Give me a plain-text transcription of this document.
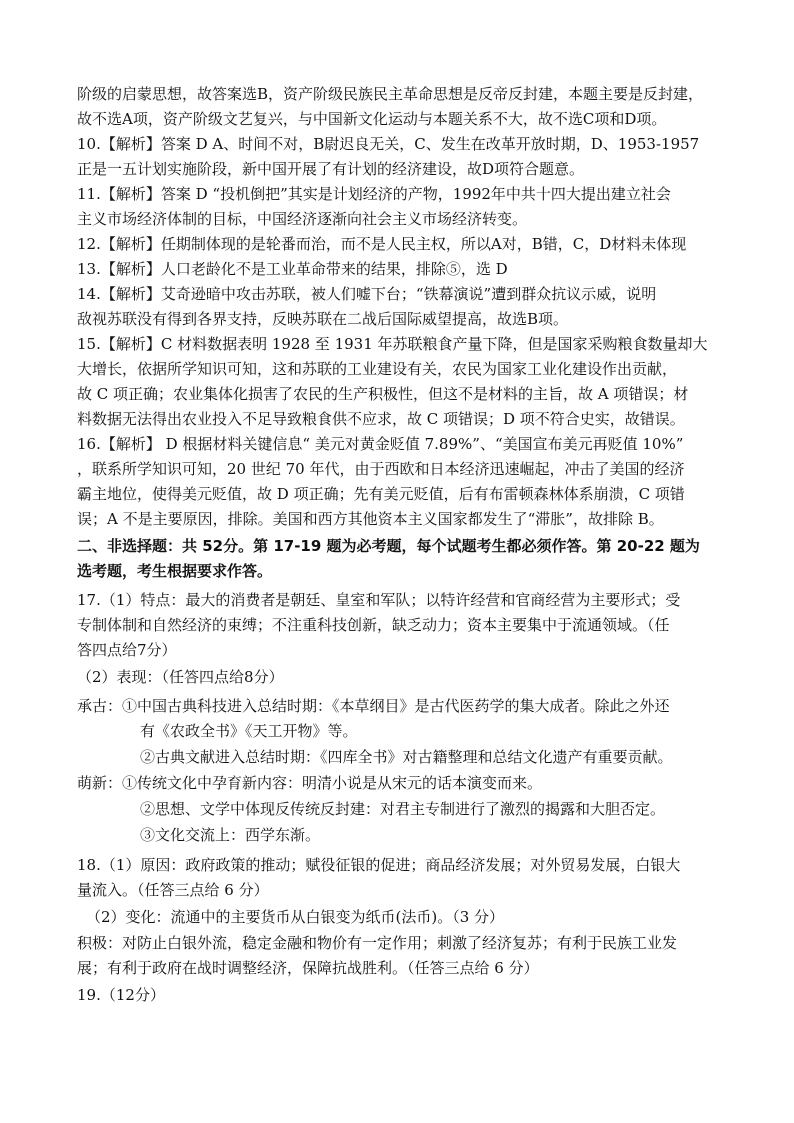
阶级的启蒙思想，故答案选B，资产阶级民族民主革命思想是反帝反封建，本题主要是反封建，
故不选A项，资产阶级文艺复兴，与中国新文化运动与本题关系不大，故不选C项和D项。
10.【解析】答案 D A、时间不对，B尉迟良无关，C、发生在改革开放时期，D、1953-1957
正是一五计划实施阶段，新中国开展了有计划的经济建设，故D项符合题意。
11.【解析】答案 D “投机倒把”其实是计划经济的产物，1992年中共十四大提出建立社会
主义市场经济体制的目标，中国经济逐渐向社会主义市场经济转变。
12.【解析】任期制体现的是轮番而治，而不是人民主权，所以A对，B错，C，D材料未体现
13.【解析】人口老龄化不是工业革命带来的结果，排除⑤，选 D
14.【解析】艾奇逊暗中攻击苏联，被人们嘘下台；“铁幕演说”遭到群众抗议示威，说明
敌视苏联没有得到各界支持，反映苏联在二战后国际威望提高，故选B项。
15.【解析】C 材料数据表明 1928 至 1931 年苏联粮食产量下降，但是国家采购粮食数量却大
大增长，依据所学知识可知，这和苏联的工业建设有关，农民为国家工业化建设作出贡献，
故 C 项正确；农业集体化损害了农民的生产积极性，但这不是材料的主旨，故 A 项错误；材
料数据无法得出农业投入不足导致粮食供不应求，故 C 项错误；D 项不符合史实，故错误。
16.【解析】 D 根据材料关键信息“ 美元对黄金贬值 7.89%”、“美国宣布美元再贬值 10%”
，联系所学知识可知，20 世纪 70 年代，由于西欧和日本经济迅速崛起，冲击了美国的经济
霸主地位，使得美元贬值，故 D 项正确；先有美元贬值，后有布雷顿森林体系崩溃，C 项错
误；A 不是主要原因，排除。美国和西方其他资本主义国家都发生了“滞胀”，故排除 B。
二、非选择题：共 52分。第 17-19 题为必考题，每个试题考生都必须作答。第 20-22 题为
选考题，考生根据要求作答。
17.（1）特点：最大的消费者是朝廷、皇室和军队；以特许经营和官商经营为主要形式；受
专制体制和自然经济的束缚；不注重科技创新，缺乏动力；资本主要集中于流通领域。（任
答四点给7分）
（2）表现：（任答四点给8分）
承古：①中国古典科技进入总结时期：《本草纲目》是古代医药学的集大成者。除此之外还
有《农政全书》《天工开物》等。
②古典文献进入总结时期：《四库全书》对古籍整理和总结文化遗产有重要贡献。
萌新：①传统文化中孕育新内容：明清小说是从宋元的话本演变而来。
②思想、文学中体现反传统反封建：对君主专制进行了激烈的揭露和大胆否定。
③文化交流上：西学东渐。
18.（1）原因：政府政策的推动；赋役征银的促进；商品经济发展；对外贸易发展，白银大
量流入。（任答三点给 6 分）
（2）变化：流通中的主要货币从白银变为纸币(法币)。（3 分）
积极：对防止白银外流，稳定金融和物价有一定作用；刺激了经济复苏；有利于民族工业发
展；有利于政府在战时调整经济，保障抗战胜利。（任答三点给 6 分）
19.（12分）
